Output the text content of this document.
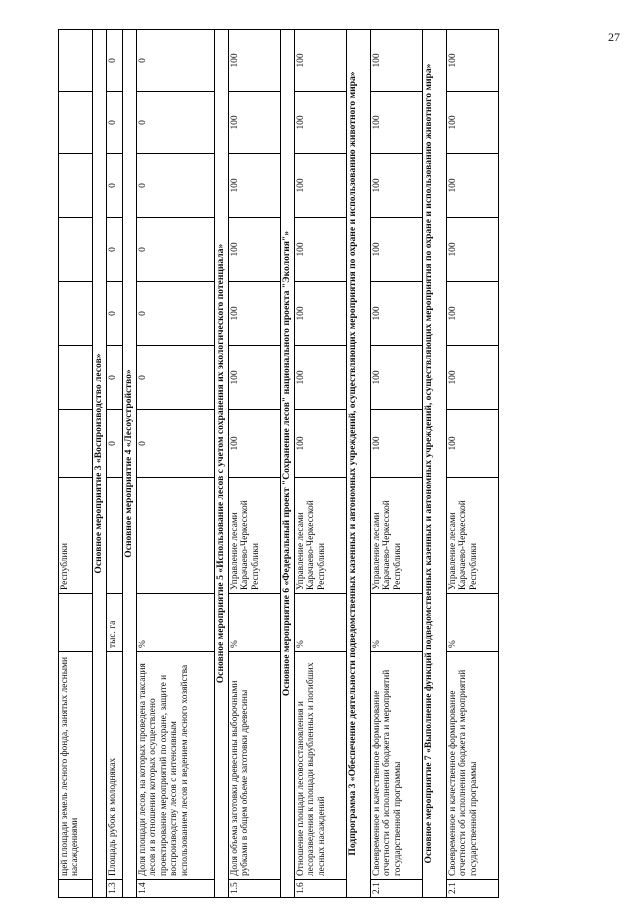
27
	щей площади земель лесного фонда, занятых лесными насаждениями		Республики							
Основное мероприятие 3 «Воспроизводство лесов»										
1.3	Площадь рубок в молодняках	тыс. га		0	0	0	0	0	0	0
Основное мероприятие 4 «Лесоустройство»										
1.4	Доля площади лесов, на которых проведена таксация лесов и в отношении которых осуществлено проектирование мероприятий по охране, защите и воспроизводству лесов с интенсивным использованием лесов и ведением лесного хозяйства	%		0	0	0	0	0	0	0
Основное мероприятие 5 «Использование лесов с учетом сохранения их экологического потенциала»										
1.5	Доля объема заготовки древесины выборочными рубками в общем объеме заготовки древесины	%	Управление лесами Карачаево-Черкесской Республики	100	100	100	100	100	100	100
Основное мероприятие 6 «Федеральный проект "Сохранение лесов" национального проекта "Экология"»										
1.6	Отношение площади лесовосстановления и лесоразведения к площади вырубленных и погибших лесных насаждений	%	Управление лесами Карачаево-Черкесской Республики	100	100	100	100	100	100	100
Подпрограмма 3 «Обеспечение деятельности подведомственных казенных и автономных учреждений, осуществляющих мероприятия по охране и использованию животного мира»										
2.1	Своевременное и качественное формирование отчетности об исполнении бюджета и мероприятий государственной программы	%	Управление лесами Карачаево-Черкесской Республики	100	100	100	100	100	100	100
Основное мероприятие 7 «Выполнение функций подведомственных казенных и автономных учреждений, осуществляющих мероприятия по охране и использованию животного мира»										
2.1	Своевременное и качественное формирование отчетности об исполнении бюджета и мероприятий государственной программы	%	Управление лесами Карачаево-Черкесской Республики	100	100	100	100	100	100	100
